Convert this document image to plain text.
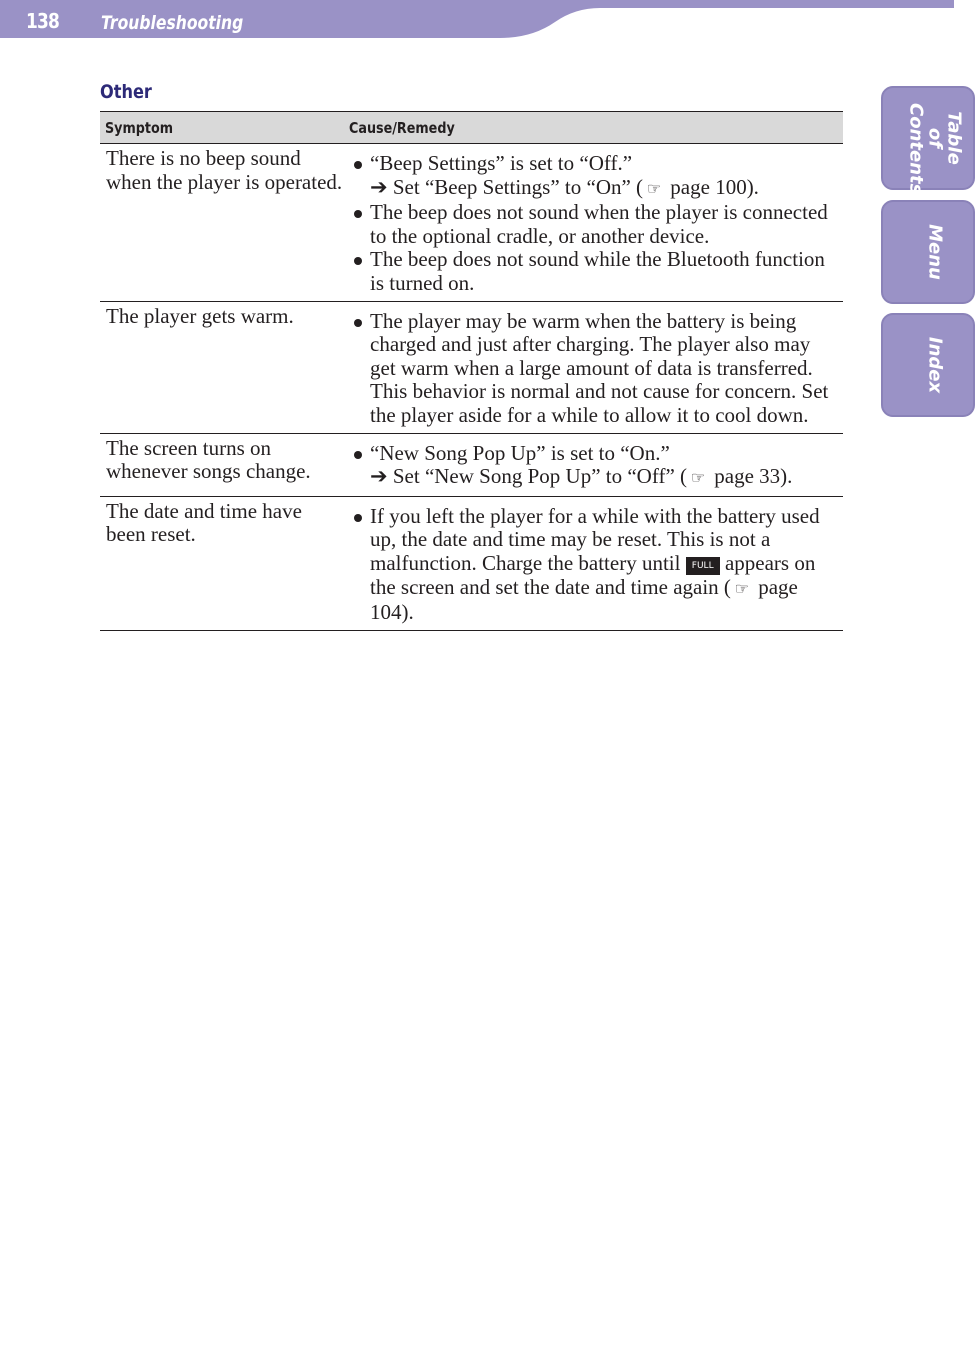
138 Troubleshooting
Other
Symptom	Cause/Remedy
There is no beep sound when the player is operated.	“Beep Settings” is set to “Off.”
➔ Set “Beep Settings” to “On” ( ☞ page 100).
The beep does not sound when the player is connected to the optional cradle, or another device.
The beep does not sound while the Bluetooth function is turned on.

The player gets warm.	The player may be warm when the battery is being charged and just after charging. The player also may get warm when a large amount of data is transferred. This behavior is normal and not cause for concern. Set the player aside for a while to allow it to cool down.

The screen turns on whenever songs change.	“New Song Pop Up” is set to “On.”
➔ Set “New Song Pop Up” to “Off” ( ☞ page 33).

The date and time have been reset.	If you left the player for a while with the battery used up, the date and time may be reset. This is not a malfunction. Charge the battery until FULL appears on the screen and set the date and time again ( ☞ page 104).
Table of Contents
Menu
Index
